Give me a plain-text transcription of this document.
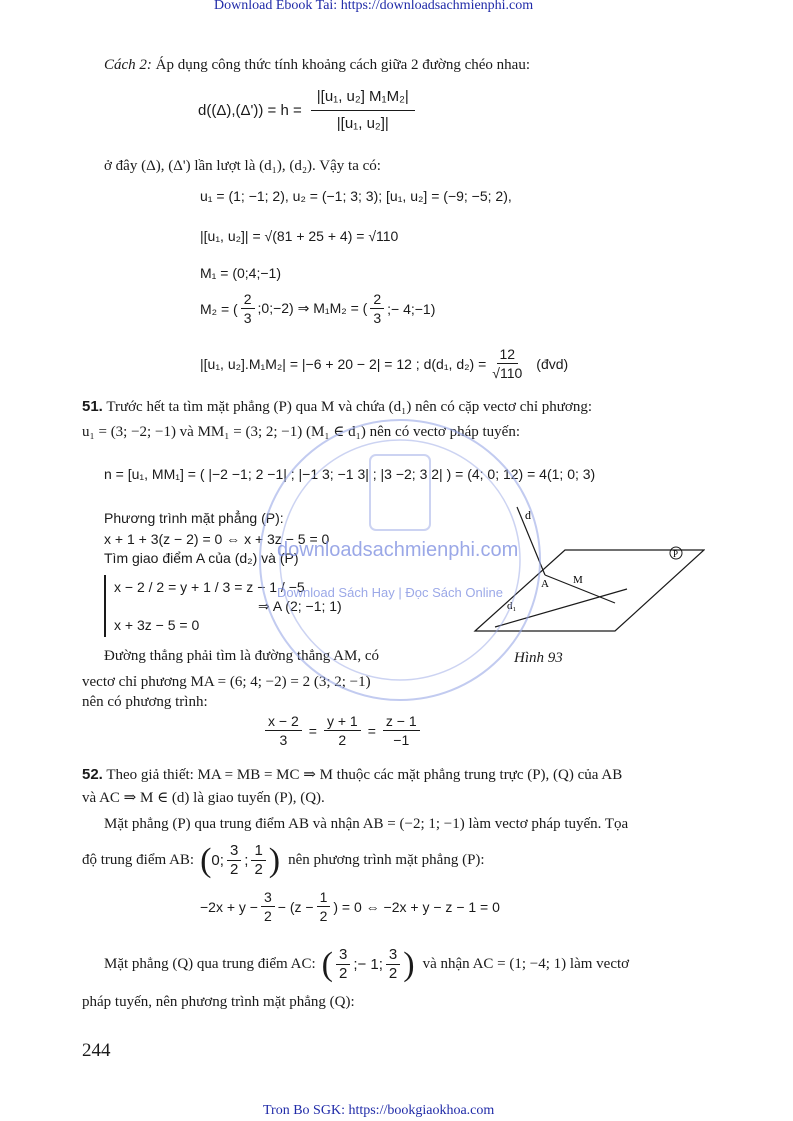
Download Ebook Tai: https://downloadsachmienphi.com
Cách 2: Áp dụng công thức tính khoảng cách giữa 2 đường chéo nhau:
$d((\Delta),(\Delta')) = h = \frac{\text{|[u₁, u₂] M₁M₂|}}{\text{|[u₁, u₂]|}}$
ở đây (Δ), (Δ') lần lượt là (d₁), (d₂). Vậy ta có:
u₁ = (1; −1; 2), u₂ = (−1; 3; 3); [u₁, u₂] = (−9; −5; 2),
|[u₁, u₂]| = √(81 + 25 + 4) = √110
M₁ = (0;4;−1)
M₂ = ( $\frac{2}{3}$ ;0;−2) ⇒ M₁M₂ = ( $\frac{2}{3}$ ;− 4;−1)
|[u₁, u₂].M₁M₂| = |−6 + 20 − 2| = 12 ; d(d₁, $d_2) = \frac{12}{√110}$ (đvd)
51. Trước hết ta tìm mặt phẳng (P) qua M và chứa (d₁) nên có cặp vectơ chỉ phương:
u₁ = (3; −2; −1) và MM₁ = (3; 2; −1) (M₁ ∈ d₁) nên có vectơ pháp tuyến:
n = [u₁, MM₁] = ( |−2 −1; 2 −1| ; |−1 3; −1 3| ; |3 −2; 3 2| ) = (4; 0; 12) = 4(1; 0; 3)
Phương trình mặt phẳng (P):
x + 1 + 3(z − 2) = 0 ⇔ x + 3z − 5 = 0
Tìm giao điểm A của (d₂) và (P)
x − 2 / 2 = y + 1 / 3 = z − 1 / −5
x + 3z − 5 = 0
⇒ A (2; −1; 1)
P
d
A M
d₁
Hình 93
Đường thẳng phải tìm là đường thẳng AM, có
vectơ chỉ phương MA = (6; 4; −2) = 2 (3; 2; −1)
nên có phương trình:
$\frac{x - 2}{3} = \frac{y + 1}{2} = \frac{z - 1}{-1}$
52. Theo giả thiết: MA = MB = MC ⇒ M thuộc các mặt phẳng trung trực (P), (Q) của AB
và AC ⇒ M ∈ (d) là giao tuyến (P), (Q).
Mặt phẳng (P) qua trung điểm AB và nhận AB = (−2; 1; −1) làm vectơ pháp tuyến. Tọa
độ trung điểm AB: ( 0; $\frac{3}{2}$ ; $\frac{1}{2}$ ) nên phương trình mặt phẳng (P):
$-2x + y - \frac{3}{2} - (z - \frac{1}{2}$ ) = 0 ⇔ −2x + y − z − 1 = 0
Mặt phẳng (Q) qua trung điểm AC: ( $\frac{3}{2}$ ;− 1; $\frac{3}{2}$ ) và nhận AC = (1; −4; 1) làm vectơ
pháp tuyến, nên phương trình mặt phẳng (Q):
244
Tron Bo SGK: https://bookgiaokhoa.com
downloadsachmienphi.com
Download Sách Hay | Đọc Sách Online
